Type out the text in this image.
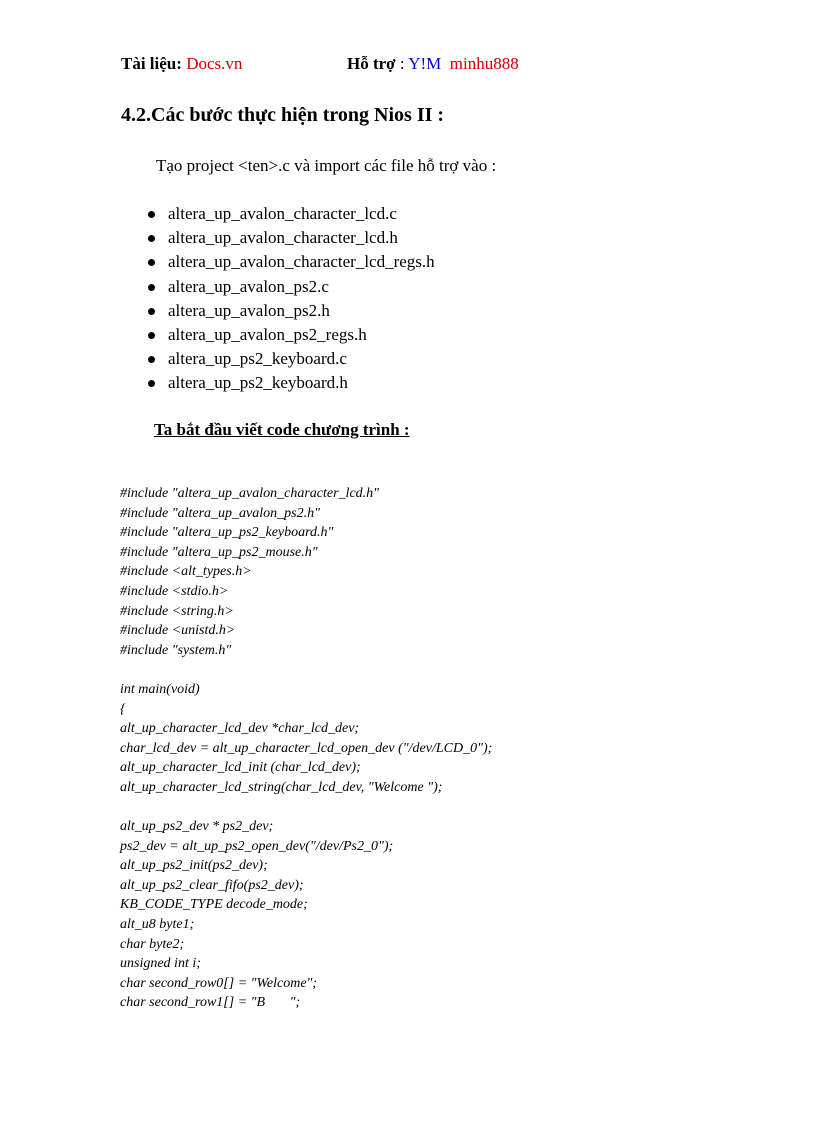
Tài liệu: Docs.vn	Hỗ trợ : Y!M minhu888
4.2.Các bước thực hiện trong Nios II :
Tạo project <ten>.c và import các file hỗ trợ vào :
altera_up_avalon_character_lcd.c
altera_up_avalon_character_lcd.h
altera_up_avalon_character_lcd_regs.h
altera_up_avalon_ps2.c
altera_up_avalon_ps2.h
altera_up_avalon_ps2_regs.h
altera_up_ps2_keyboard.c
altera_up_ps2_keyboard.h
Ta bắt đầu viết code chương trình :
#include "altera_up_avalon_character_lcd.h"
#include "altera_up_avalon_ps2.h"
#include "altera_up_ps2_keyboard.h"
#include "altera_up_ps2_mouse.h"
#include <alt_types.h>
#include <stdio.h>
#include <string.h>
#include <unistd.h>
#include "system.h"
int main(void)
{
alt_up_character_lcd_dev *char_lcd_dev;
char_lcd_dev = alt_up_character_lcd_open_dev ("/dev/LCD_0");
alt_up_character_lcd_init (char_lcd_dev);
alt_up_character_lcd_string(char_lcd_dev, "Welcome ");
alt_up_ps2_dev * ps2_dev;
ps2_dev = alt_up_ps2_open_dev("/dev/Ps2_0");
alt_up_ps2_init(ps2_dev);
alt_up_ps2_clear_fifo(ps2_dev);
KB_CODE_TYPE decode_mode;
alt_u8 byte1;
char byte2;
unsigned int i;
char second_row0[] = "Welcome";
char second_row1[] = "B       ";
